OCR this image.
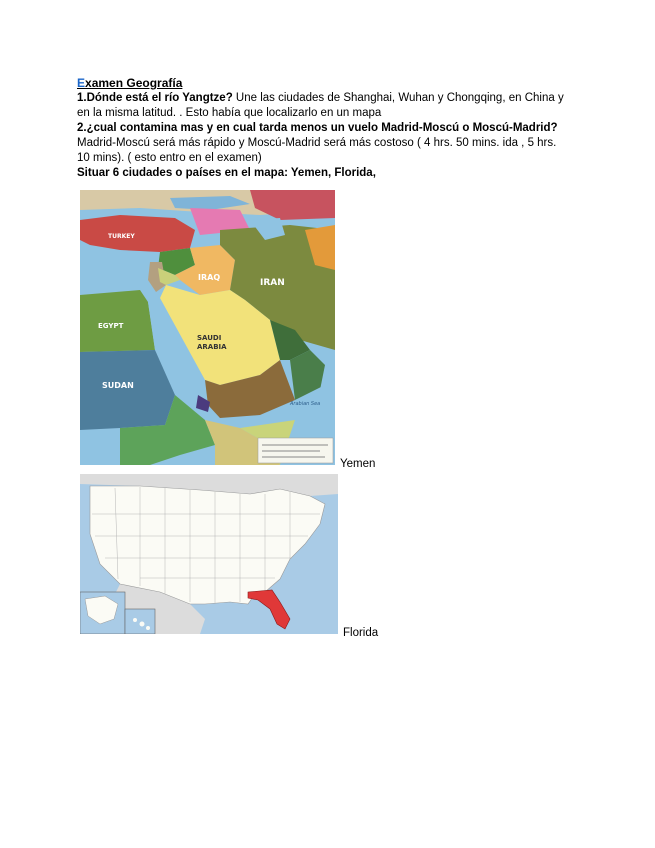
Examen Geografía
1.Dónde está el río Yangtze? Une las ciudades de Shanghai, Wuhan y Chongqing, en China y
en la misma latitud. . Esto había que localizarlo en un mapa
2.¿cual contamina mas y en cual tarda menos un vuelo Madrid-Moscú o Moscú-Madrid?
Madrid-Moscú será más rápido y Moscú-Madrid será más costoso ( 4 hrs. 50 mins. ida , 5 hrs.
10 mins). ( esto entro en el examen)
Situar 6 ciudades o países en el mapa: Yemen, Florida,
TURKEY
IRAQ
IRAN
EGYPT
SAUDI
ARABIA
SUDAN
Arabian Sea
Yemen
Florida
